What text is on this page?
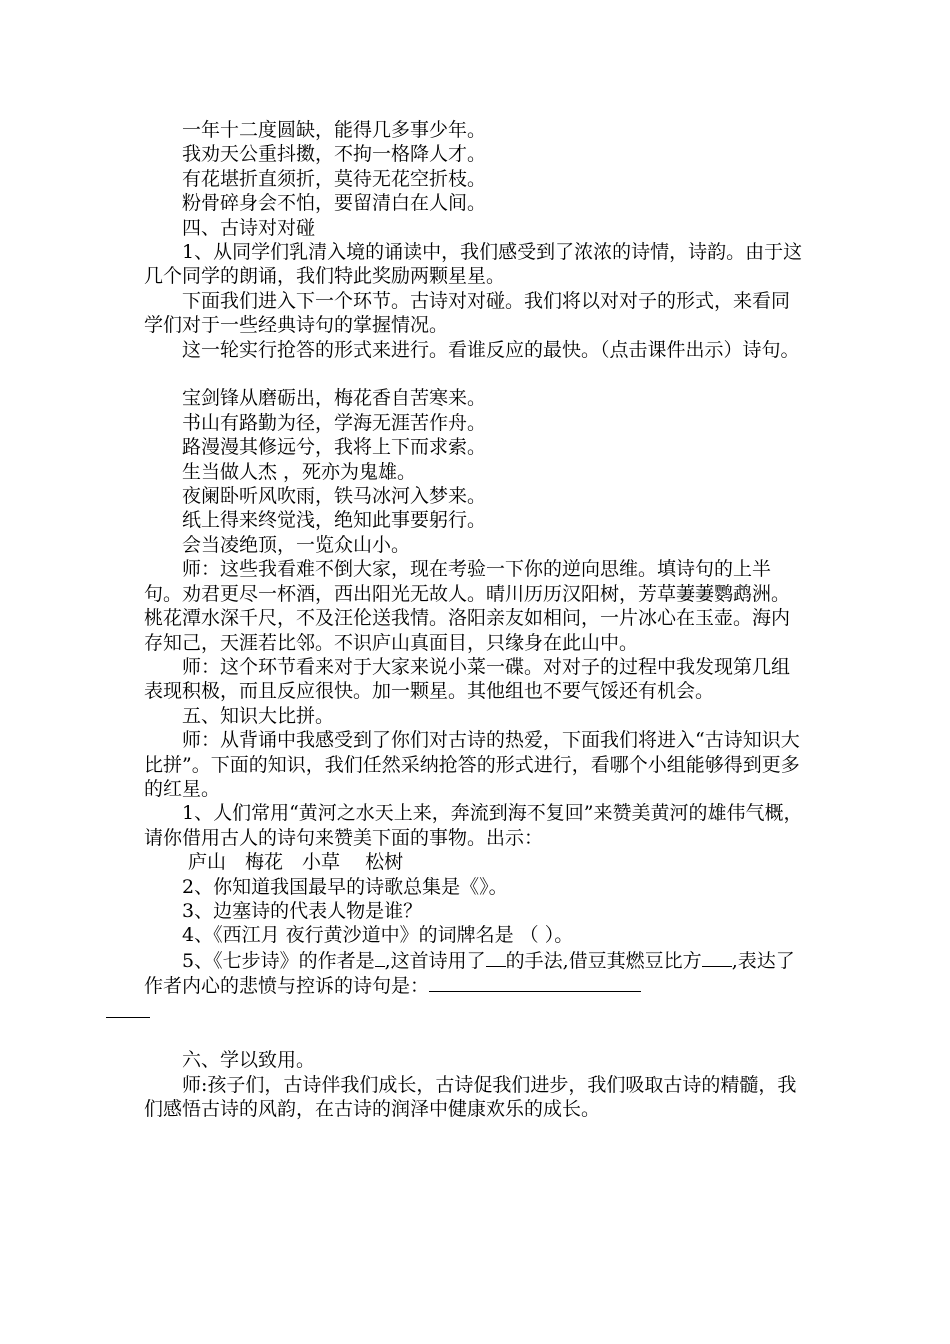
一年十二度圆缺，能得几多事少年。

我劝天公重抖擞，不拘一格降人才。

有花堪折直须折，莫待无花空折枝。

粉骨碎身会不怕，要留清白在人间。

四、古诗对对碰

1、从同学们乳清入境的诵读中，我们感受到了浓浓的诗情，诗韵。由于这几个同学的朗诵，我们特此奖励两颗星星。

下面我们进入下一个环节。古诗对对碰。我们将以对对子的形式，来看同学们对于一些经典诗句的掌握情况。

这一轮实行抢答的形式来进行。看谁反应的最快。（点击课件出示）诗句。

宝剑锋从磨砺出，梅花香自苦寒来。

书山有路勤为径，学海无涯苦作舟。

路漫漫其修远兮，我将上下而求索。

生当做人杰 ，死亦为鬼雄。

夜阑卧听风吹雨，铁马冰河入梦来。

纸上得来终觉浅，绝知此事要躬行。

会当凌绝顶，一览众山小。

师：这些我看难不倒大家，现在考验一下你的逆向思维。填诗句的上半句。劝君更尽一杯酒，西出阳光无故人。晴川历历汉阳树，芳草萋萋鹦鹉洲。桃花潭水深千尺，不及汪伦送我情。洛阳亲友如相问，一片冰心在玉壶。海内存知己，天涯若比邻。不识庐山真面目，只缘身在此山中。

师：这个环节看来对于大家来说小菜一碟。对对子的过程中我发现第几组表现积极，而且反应很快。加一颗星。其他组也不要气馁还有机会。

五、知识大比拼。

师：从背诵中我感受到了你们对古诗的热爱，下面我们将进入“古诗知识大比拼”。下面的知识，我们任然采纳抢答的形式进行，看哪个小组能够得到更多的红星。

1、人们常用“黄河之水天上来，奔流到海不复回”来赞美黄河的雄伟气概，请你借用古人的诗句来赞美下面的事物。出示：

庐山　梅花　小草　 松树

2、你知道我国最早的诗歌总集是《》。

3、边塞诗的代表人物是谁？

4、《西江月 夜行黄沙道中》的词牌名是 （ ）。

5、《七步诗》的作者是 ,这首诗用了 的手法,借豆萁燃豆比方 ,表达了作者内心的悲愤与控诉的诗句是：

六、学以致用。

师:孩子们，古诗伴我们成长，古诗促我们进步，我们吸取古诗的精髓，我们感悟古诗的风韵，在古诗的润泽中健康欢乐的成长。
